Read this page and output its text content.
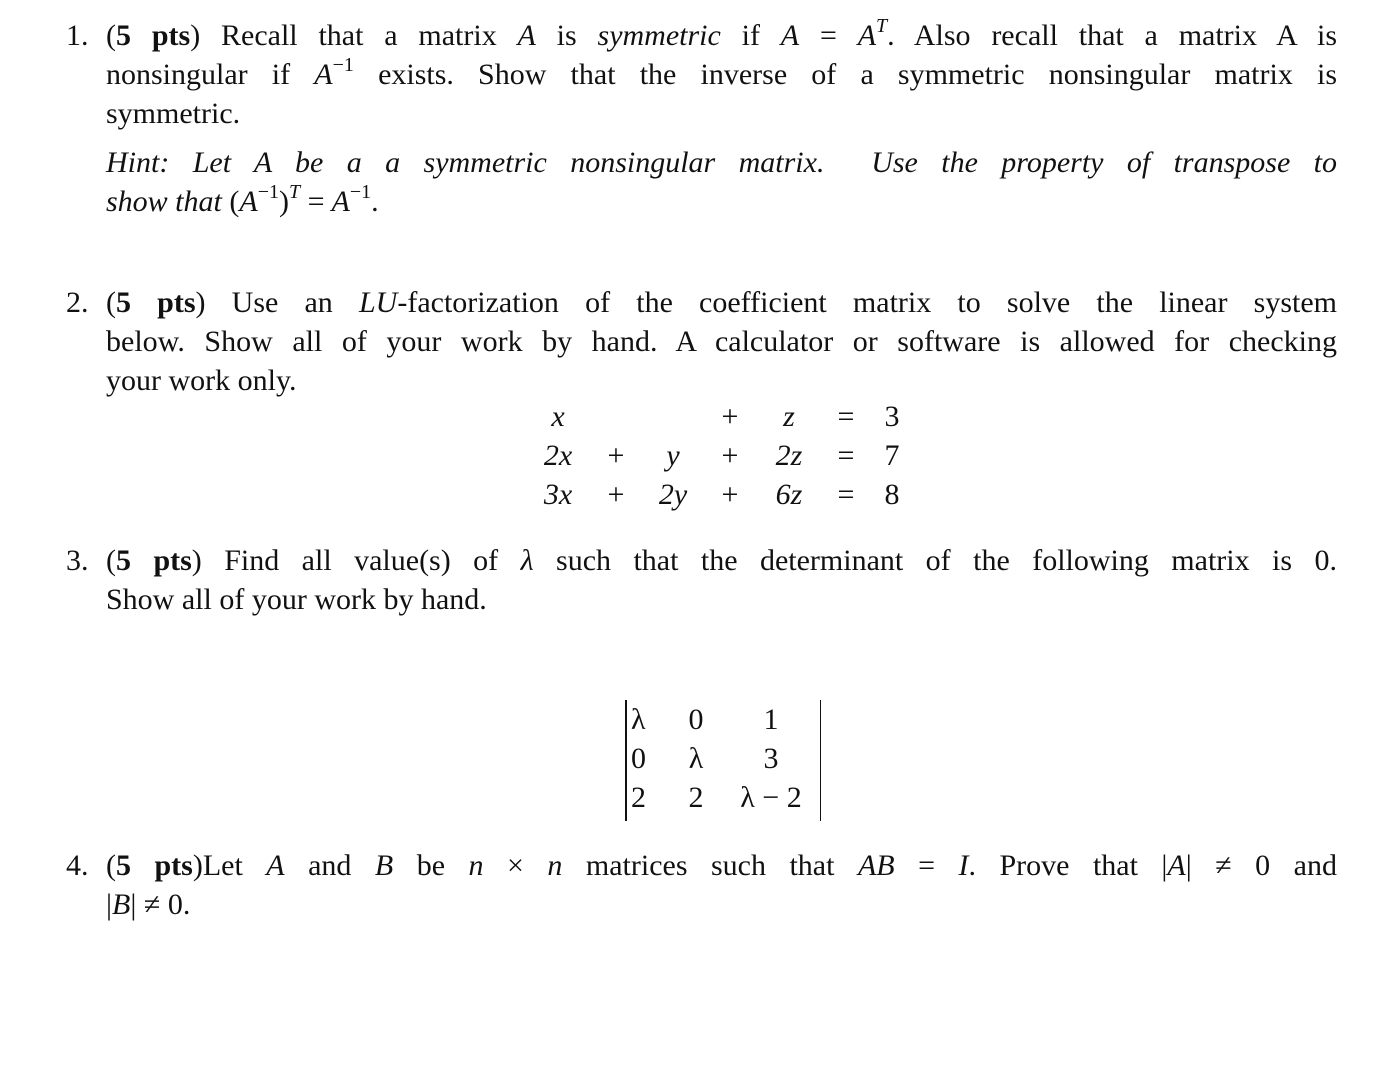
1. (5 pts) Recall that a matrix A is symmetric if $A = A^T$. Also recall that a matrix A is
nonsingular if $A^{-1}$ exists. Show that the inverse of a symmetric nonsingular matrix is
symmetric.
Hint: Let A be a a symmetric nonsingular matrix.  Use the property of transpose to
show that $(A^{-1})^T = A^{-1}$.
2. (5 pts) Use an LU-factorization of the coefficient matrix to solve the linear system
below. Show all of your work by hand. A calculator or software is allowed for checking
your work only.
x			+	z	=	3
2x	+	y	+	2z	=	7
3x	+	2y	+	6z	=	8
3. (5 pts) Find all value(s) of λ such that the determinant of the following matrix is 0.
Show all of your work by hand.
λ	0	1
0	λ	3
2	2	λ − 2
4. (5 pts)Let A and B be n × n matrices such that AB = I. Prove that |A| ≠ 0 and
|B| ≠ 0.
